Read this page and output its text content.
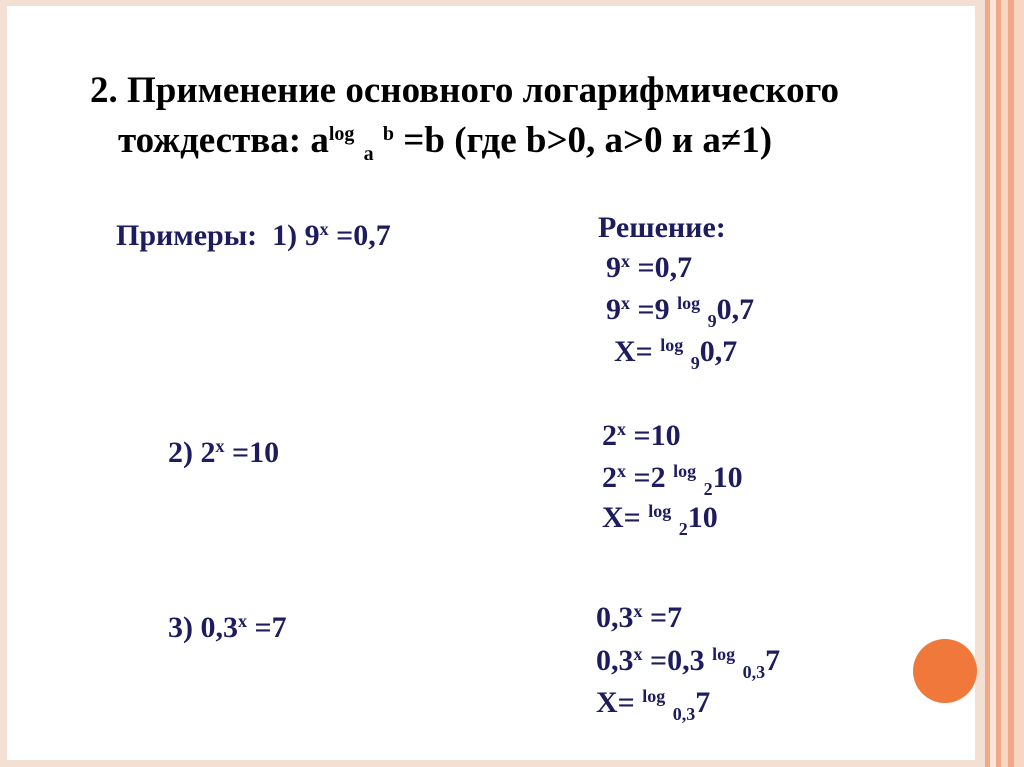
2. Применение основного логарифмического
тождества: $a^{log}$ $_a$ $^b$ =b (где b>0, a>0 и a≠1)
Примеры: 1) $9^x =0,7$
2) $2^x =10$
3) $0,3^x =7$
Решение:
$9^x =0,7$
$9^x =9$ $^{log}$ $_9$0,7
X= $^{log}$ $_9$0,7
$2^x =10$
$2^x =2$ $^{log}$ $_2$10
X= $^{log}$ $_2$10
$0,3^x =7$
$0,3^x =0,3$ $^{log}$ $_{0,3}$7
X= $^{log}$ $_{0,3}$7
